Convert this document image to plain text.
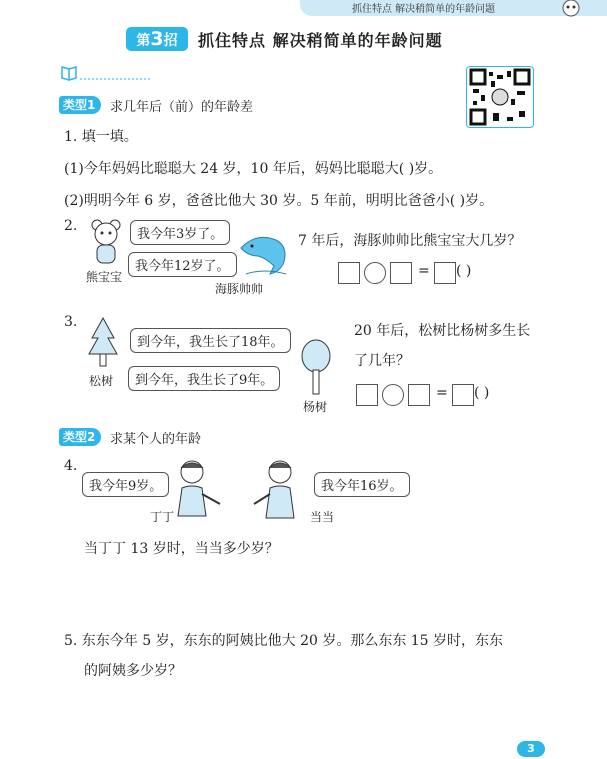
抓住特点 解决稍简单的年龄问题
第3招	抓住特点 解决稍简单的年龄问题
类型1	求几年后（前）的年龄差
1. 填一填。
(1)今年妈妈比聪聪大 24 岁，10 年后，妈妈比聪聪大( )岁。
(2)明明今年 6 岁，爸爸比他大 30 岁。5 年前，明明比爸爸小( )岁。
2.
我今年3岁了。
我今年12岁了。
熊宝宝
海豚帅帅
7 年后，海豚帅帅比熊宝宝大几岁？
= ( )
3.
到今年，我生长了18年。
到今年，我生长了9年。
松树
杨树
20 年后，松树比杨树多生长
了几年？
= ( )
类型2	求某个人的年龄
4.
我今年9岁。
丁丁
我今年16岁。
当当
当丁丁 13 岁时，当当多少岁？
5. 东东今年 5 岁，东东的阿姨比他大 20 岁。那么东东 15 岁时，东东
的阿姨多少岁？
3
